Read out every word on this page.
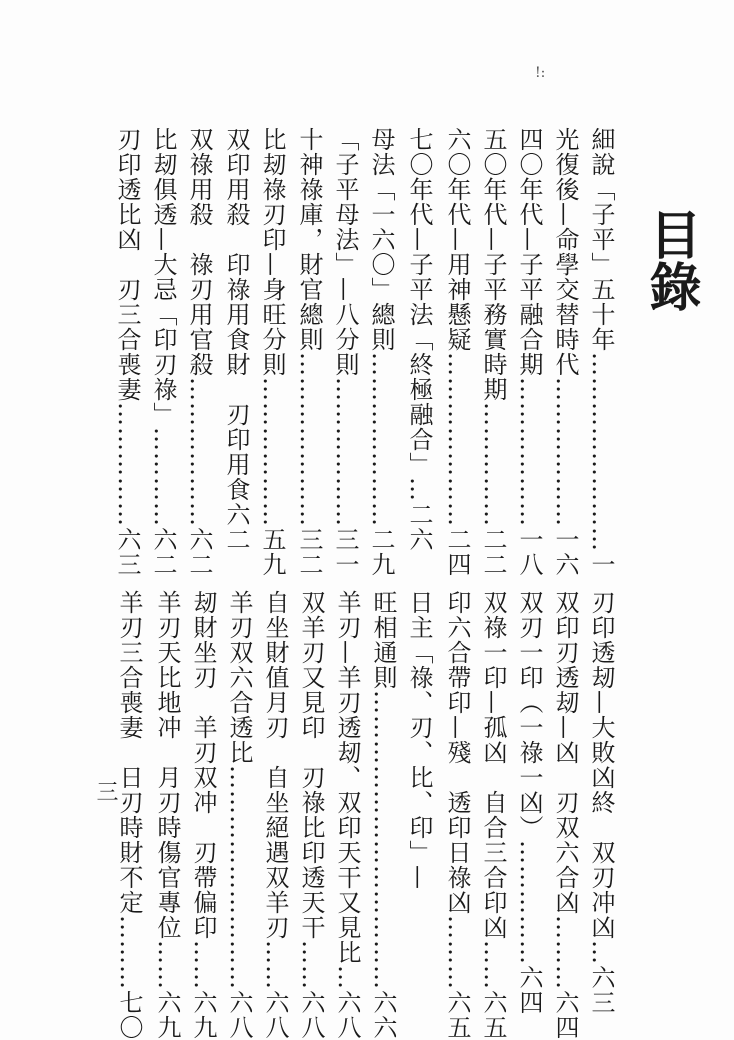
!:
目錄
細說「子平」五十年……………………一
光復後—命學交替時代………………一六
四〇年代—子平融合期………………一八
五〇年代—子平務實時期……………二二
六〇年代—用神懸疑…………………二四
七〇年代—子平法「終極融合」…二六
母法「一六〇」總則…………………二九
「子平母法」—八分則………………三一
十神祿庫，財官總則…………………三二
比刼祿刃印—身旺分則………………五九
双印用殺　印祿用食財　刃印用食六二
双祿用殺　祿刃用官殺………………六二
比刼俱透—大忌「印刃祿」…………六二
刃印透比凶　刃三合喪妻……………六三
刃印透刼—大敗凶終　双刃冲凶…六三
双印刃透刼—凶　刃双六合凶………六四
双刃一印（一祿一凶）……………六四
双祿一印—孤凶　自合三合印凶……六五
印六合帶印—殘　透印日祿凶………六五
日主「祿、刃、比、印」—
旺相通則………………………………六六
羊刃—羊刃透刼、双印天干又見比…六八
双羊刃又見印　刃祿比印透天干……六八
自坐財值月刃　自坐絕遇双羊刃……六八
羊刃双六合透比………………………六八
刼財坐刃　羊刃双冲　刃帶偏印……六九
羊刃天比地冲　月刃時傷官專位……六九
羊刃三合喪妻　日刃時財不定………七〇
三
